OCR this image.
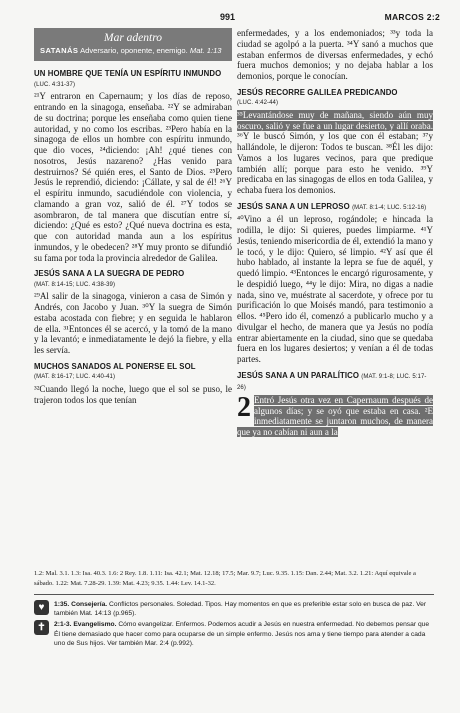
991	MARCOS 2:2
Mar adentro
SATANÁS Adversario, oponente, enemigo. Mat. 1:13
UN HOMBRE QUE TENÍA UN ESPÍRITU INMUNDO (LUC. 4:31-37)

²¹Y entraron en Capernaum; y los días de reposo, entrando en la sinagoga, enseñaba. ²²Y se admiraban de su doctrina; porque les enseñaba como quien tiene autoridad, y no como los escribas. ²³Pero había en la sinagoga de ellos un hombre con espíritu inmundo, que dio voces, ²⁴diciendo: ¡Ah! ¿qué tienes con nosotros, Jesús nazareno? ¿Has venido para destruirnos? Sé quién eres, el Santo de Dios. ²⁵Pero Jesús le reprendió, diciendo: ¡Cállate, y sal de él! ²⁶Y el espíritu inmundo, sacudiéndole con violencia, y clamando a gran voz, salió de él. ²⁷Y todos se asombraron, de tal manera que discutían entre sí, diciendo: ¿Qué es esto? ¿Qué nueva doctrina es esta, que con autoridad manda aun a los espíritus inmundos, y le obedecen? ²⁸Y muy pronto se difundió su fama por toda la provincia alrededor de Galilea.

JESÚS SANA A LA SUEGRA DE PEDRO
(MAT. 8:14-15; LUC. 4:38-39)

²⁹Al salir de la sinagoga, vinieron a casa de Simón y Andrés, con Jacobo y Juan. ³⁰Y la suegra de Simón estaba acostada con fiebre; y en seguida le hablaron de ella. ³¹Entonces él se acercó, y la tomó de la mano y la levantó; e inmediatamente le dejó la fiebre, y ella les servía.

MUCHOS SANADOS AL PONERSE EL SOL
(MAT. 8:16-17; LUC. 4:40-41)

³²Cuando llegó la noche, luego que el sol se puso, le trajeron todos los que tenían

enfermedades, y a los endemoniados; ³³y toda la ciudad se agolpó a la puerta. ³⁴Y sanó a muchos que estaban enfermos de diversas enfermedades, y echó fuera muchos demonios; y no dejaba hablar a los demonios, porque le conocían.

JESÚS RECORRE GALILEA PREDICANDO
(LUC. 4:42-44)

³⁵Levantándose muy de mañana, siendo aún muy oscuro, salió y se fue a un lugar desierto, y allí oraba. ³⁶Y le buscó Simón, y los que con él estaban; ³⁷y hallándole, le dijeron: Todos te buscan. ³⁸Él les dijo: Vamos a los lugares vecinos, para que predique también allí; porque para esto he venido. ³⁹Y predicaba en las sinagogas de ellos en toda Galilea, y echaba fuera los demonios.

JESÚS SANA A UN LEPROSO (MAT. 8:1-4; LUC. 5:12-16)

⁴⁰Vino a él un leproso, rogándole; e hincada la rodilla, le dijo: Si quieres, puedes limpiarme. ⁴¹Y Jesús, teniendo misericordia de él, extendió la mano y le tocó, y le dijo: Quiero, sé limpio. ⁴²Y así que él hubo hablado, al instante la lepra se fue de aquél, y quedó limpio. ⁴³Entonces le encargó rigurosamente, y le despidió luego, ⁴⁴y le dijo: Mira, no digas a nadie nada, sino ve, muéstrate al sacerdote, y ofrece por tu purificación lo que Moisés mandó, para testimonio a ellos. ⁴⁵Pero ido él, comenzó a publicarlo mucho y a divulgar el hecho, de manera que ya Jesús no podía entrar abiertamente en la ciudad, sino que se quedaba fuera en los lugares desiertos; y venían a él de todas partes.

JESÚS SANA A UN PARALÍTICO (MAT. 9:1-8; LUC. 5:17-26)

2 Entró Jesús otra vez en Capernaum después de algunos días; y se oyó que estaba en casa. ²E inmediatamente se juntaron muchos, de manera que ya no cabían ni aun a la

1.2: Mal. 3.1. 1.3: Isa. 40.3. 1.6: 2 Rey. 1.8. 1.11: Isa. 42.1; Mat. 12.18; 17.5; Mar. 9.7; Luc. 9.35. 1.15: Dan. 2.44; Mat. 3.2. 1.21: Aquí equivale a sábado. 1.22: Mat. 7.28-29. 1.39: Mat. 4.23; 9.35. 1.44: Lev. 14.1-32.
♥	1:35. Consejería. Conflictos personales. Soledad. Tipos. Hay momentos en que es preferible estar solo en busca de paz. Ver también Mat. 14:13 (p.965).
✝	2:1-3. Evangelismo. Cómo evangelizar. Enfermos. Podemos acudir a Jesús en nuestra enfermedad. No debemos pensar que Él tiene demasiado que hacer como para ocuparse de un simple enfermo. Jesús nos ama y tiene tiempo para atender a cada uno de Sus hijos. Ver también Mar. 2:4 (p.992).
